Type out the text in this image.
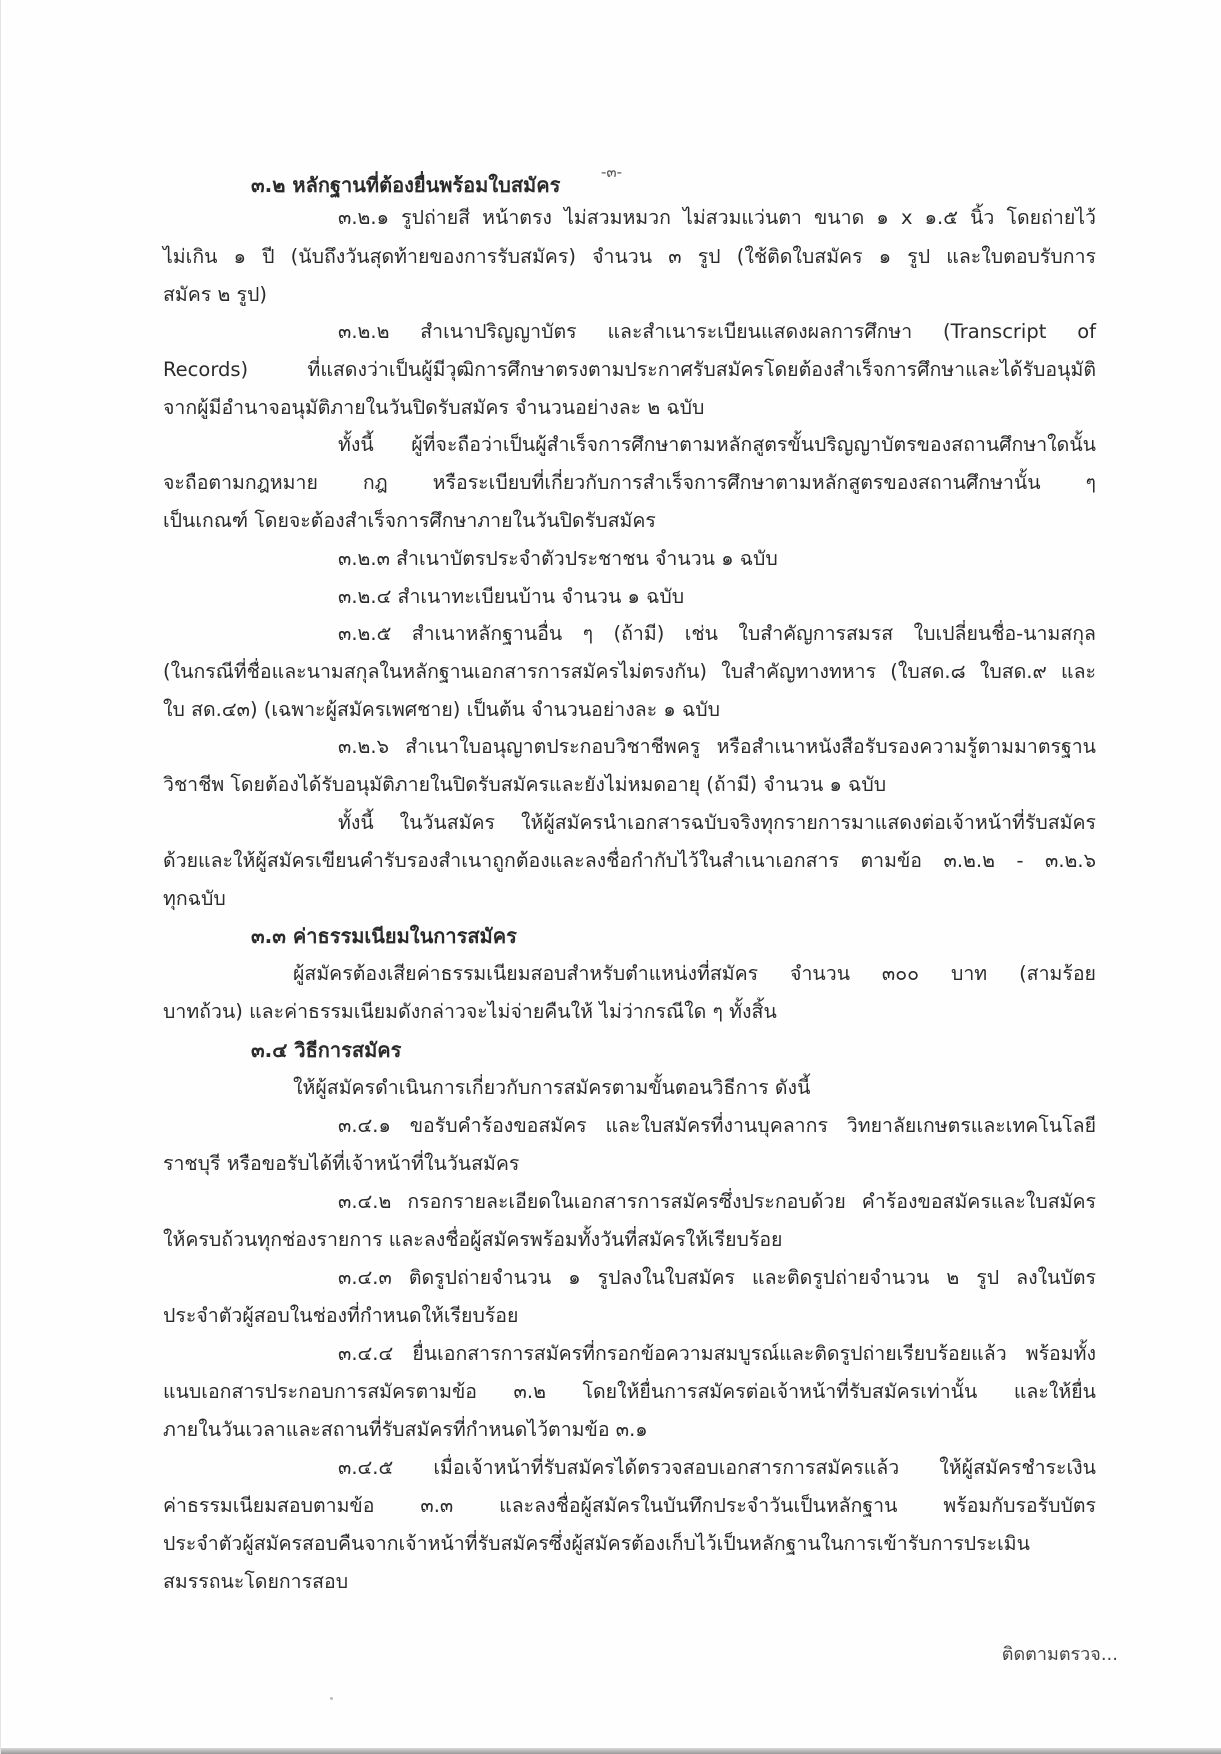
-๓-
๓.๒ หลักฐานที่ต้องยื่นพร้อมใบสมัคร
๓.๒.๑ รูปถ่ายสี หน้าตรง ไม่สวมหมวก ไม่สวมแว่นตา ขนาด ๑ x ๑.๕ นิ้ว โดยถ่ายไว้
ไม่เกิน ๑ ปี (นับถึงวันสุดท้ายของการรับสมัคร) จำนวน ๓ รูป (ใช้ติดใบสมัคร ๑ รูป และใบตอบรับการ
สมัคร ๒ รูป)
๓.๒.๒ สำเนาปริญญาบัตร และสำเนาระเบียนแสดงผลการศึกษา (Transcript of
Records) ที่แสดงว่าเป็นผู้มีวุฒิการศึกษาตรงตามประกาศรับสมัครโดยต้องสำเร็จการศึกษาและได้รับอนุมัติ
จากผู้มีอำนาจอนุมัติภายในวันปิดรับสมัคร จำนวนอย่างละ ๒ ฉบับ
ทั้งนี้ ผู้ที่จะถือว่าเป็นผู้สำเร็จการศึกษาตามหลักสูตรขั้นปริญญาบัตรของสถานศึกษาใดนั้น
จะถือตามกฎหมาย กฎ หรือระเบียบที่เกี่ยวกับการสำเร็จการศึกษาตามหลักสูตรของสถานศึกษานั้น ๆ
เป็นเกณฑ์ โดยจะต้องสำเร็จการศึกษาภายในวันปิดรับสมัคร
๓.๒.๓ สำเนาบัตรประจำตัวประชาชน จำนวน ๑ ฉบับ
๓.๒.๔ สำเนาทะเบียนบ้าน จำนวน ๑ ฉบับ
๓.๒.๕ สำเนาหลักฐานอื่น ๆ (ถ้ามี) เช่น ใบสำคัญการสมรส ใบเปลี่ยนชื่อ-นามสกุล
(ในกรณีที่ชื่อและนามสกุลในหลักฐานเอกสารการสมัครไม่ตรงกัน) ใบสำคัญทางทหาร (ใบสด.๘ ใบสด.๙ และ
ใบ สด.๔๓) (เฉพาะผู้สมัครเพศชาย) เป็นต้น จำนวนอย่างละ ๑ ฉบับ
๓.๒.๖ สำเนาใบอนุญาตประกอบวิชาชีพครู หรือสำเนาหนังสือรับรองความรู้ตามมาตรฐาน
วิชาชีพ โดยต้องได้รับอนุมัติภายในปิดรับสมัครและยังไม่หมดอายุ (ถ้ามี) จำนวน ๑ ฉบับ
ทั้งนี้ ในวันสมัคร ให้ผู้สมัครนำเอกสารฉบับจริงทุกรายการมาแสดงต่อเจ้าหน้าที่รับสมัคร
ด้วยและให้ผู้สมัครเขียนคำรับรองสำเนาถูกต้องและลงชื่อกำกับไว้ในสำเนาเอกสาร ตามข้อ ๓.๒.๒ - ๓.๒.๖
ทุกฉบับ
๓.๓ ค่าธรรมเนียมในการสมัคร
ผู้สมัครต้องเสียค่าธรรมเนียมสอบสำหรับตำแหน่งที่สมัคร จำนวน ๓๐๐ บาท (สามร้อย
บาทถ้วน) และค่าธรรมเนียมดังกล่าวจะไม่จ่ายคืนให้ ไม่ว่ากรณีใด ๆ ทั้งสิ้น
๓.๔ วิธีการสมัคร
ให้ผู้สมัครดำเนินการเกี่ยวกับการสมัครตามขั้นตอนวิธีการ ดังนี้
๓.๔.๑ ขอรับคำร้องขอสมัคร และใบสมัครที่งานบุคลากร วิทยาลัยเกษตรและเทคโนโลยี
ราชบุรี หรือขอรับได้ที่เจ้าหน้าที่ในวันสมัคร
๓.๔.๒ กรอกรายละเอียดในเอกสารการสมัครซึ่งประกอบด้วย คำร้องขอสมัครและใบสมัคร
ให้ครบถ้วนทุกช่องรายการ และลงชื่อผู้สมัครพร้อมทั้งวันที่สมัครให้เรียบร้อย
๓.๔.๓ ติดรูปถ่ายจำนวน ๑ รูปลงในใบสมัคร และติดรูปถ่ายจำนวน ๒ รูป ลงในบัตร
ประจำตัวผู้สอบในช่องที่กำหนดให้เรียบร้อย
๓.๔.๔ ยื่นเอกสารการสมัครที่กรอกข้อความสมบูรณ์และติดรูปถ่ายเรียบร้อยแล้ว พร้อมทั้ง
แนบเอกสารประกอบการสมัครตามข้อ ๓.๒ โดยให้ยื่นการสมัครต่อเจ้าหน้าที่รับสมัครเท่านั้น และให้ยื่น
ภายในวันเวลาและสถานที่รับสมัครที่กำหนดไว้ตามข้อ ๓.๑
๓.๔.๕ เมื่อเจ้าหน้าที่รับสมัครได้ตรวจสอบเอกสารการสมัครแล้ว ให้ผู้สมัครชำระเงิน
ค่าธรรมเนียมสอบตามข้อ ๓.๓ และลงชื่อผู้สมัครในบันทึกประจำวันเป็นหลักฐาน พร้อมกับรอรับบัตร
ประจำตัวผู้สมัครสอบคืนจากเจ้าหน้าที่รับสมัครซึ่งผู้สมัครต้องเก็บไว้เป็นหลักฐานในการเข้ารับการประเมิน
สมรรถนะโดยการสอบ
ติดตามตรวจ...
